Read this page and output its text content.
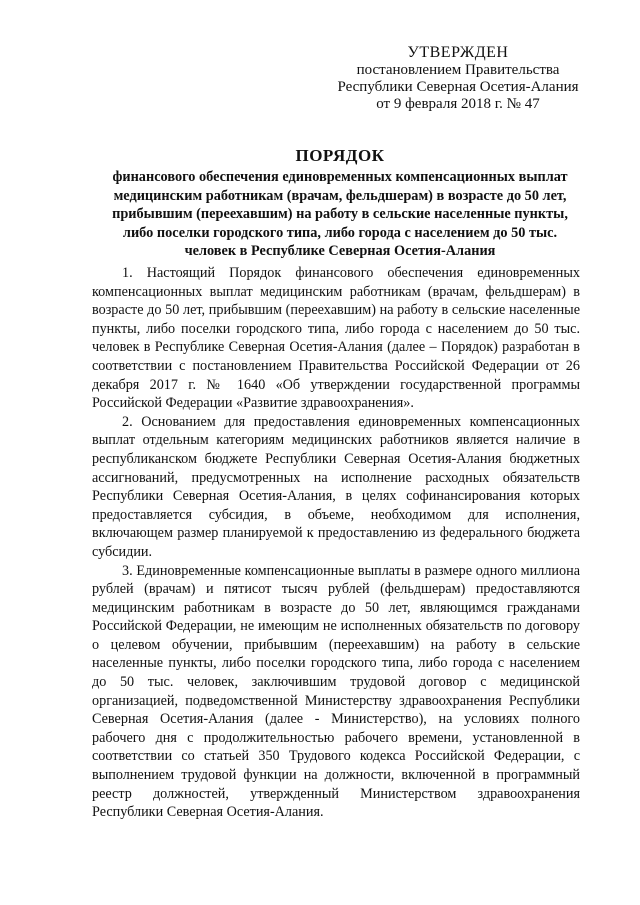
УТВЕРЖДЕН
постановлением Правительства
Республики Северная Осетия-Алания
от 9 февраля 2018 г. № 47
ПОРЯДОК
финансового обеспечения единовременных компенсационных выплат
медицинским работникам (врачам, фельдшерам) в возрасте до 50 лет,
прибывшим (переехавшим) на работу в сельские населенные пункты,
либо поселки городского типа, либо города с населением до 50 тыс.
человек в Республике Северная Осетия-Алания

1. Настоящий Порядок финансового обеспечения единовременных компенсационных выплат медицинским работникам (врачам, фельдшерам) в возрасте до 50 лет, прибывшим (переехавшим) на работу в сельские населенные пункты, либо поселки городского типа, либо города с населением до 50 тыс. человек в Республике Северная Осетия-Алания (далее – Порядок) разработан в соответствии с постановлением Правительства Российской Федерации от 26 декабря 2017 г. № 1640 «Об утверждении государственной программы Российской Федерации «Развитие здравоохранения».

2. Основанием для предоставления единовременных компенсационных выплат отдельным категориям медицинских работников является наличие в республиканском бюджете Республики Северная Осетия-Алания бюджетных ассигнований, предусмотренных на исполнение расходных обязательств Республики Северная Осетия-Алания, в целях софинансирования которых предоставляется субсидия, в объеме, необходимом для исполнения, включающем размер планируемой к предоставлению из федерального бюджета субсидии.

3. Единовременные компенсационные выплаты в размере одного миллиона рублей (врачам) и пятисот тысяч рублей (фельдшерам) предоставляются медицинским работникам в возрасте до 50 лет, являющимся гражданами Российской Федерации, не имеющим не исполненных обязательств по договору о целевом обучении, прибывшим (переехавшим) на работу в сельские населенные пункты, либо поселки городского типа, либо города с населением до 50 тыс. человек, заключившим трудовой договор с медицинской организацией, подведомственной Министерству здравоохранения Республики Северная Осетия-Алания (далее - Министерство), на условиях полного рабочего дня с продолжительностью рабочего времени, установленной в соответствии со статьей 350 Трудового кодекса Российской Федерации, с выполнением трудовой функции на должности, включенной в программный реестр должностей, утвержденный Министерством здравоохранения Республики Северная Осетия-Алания.
